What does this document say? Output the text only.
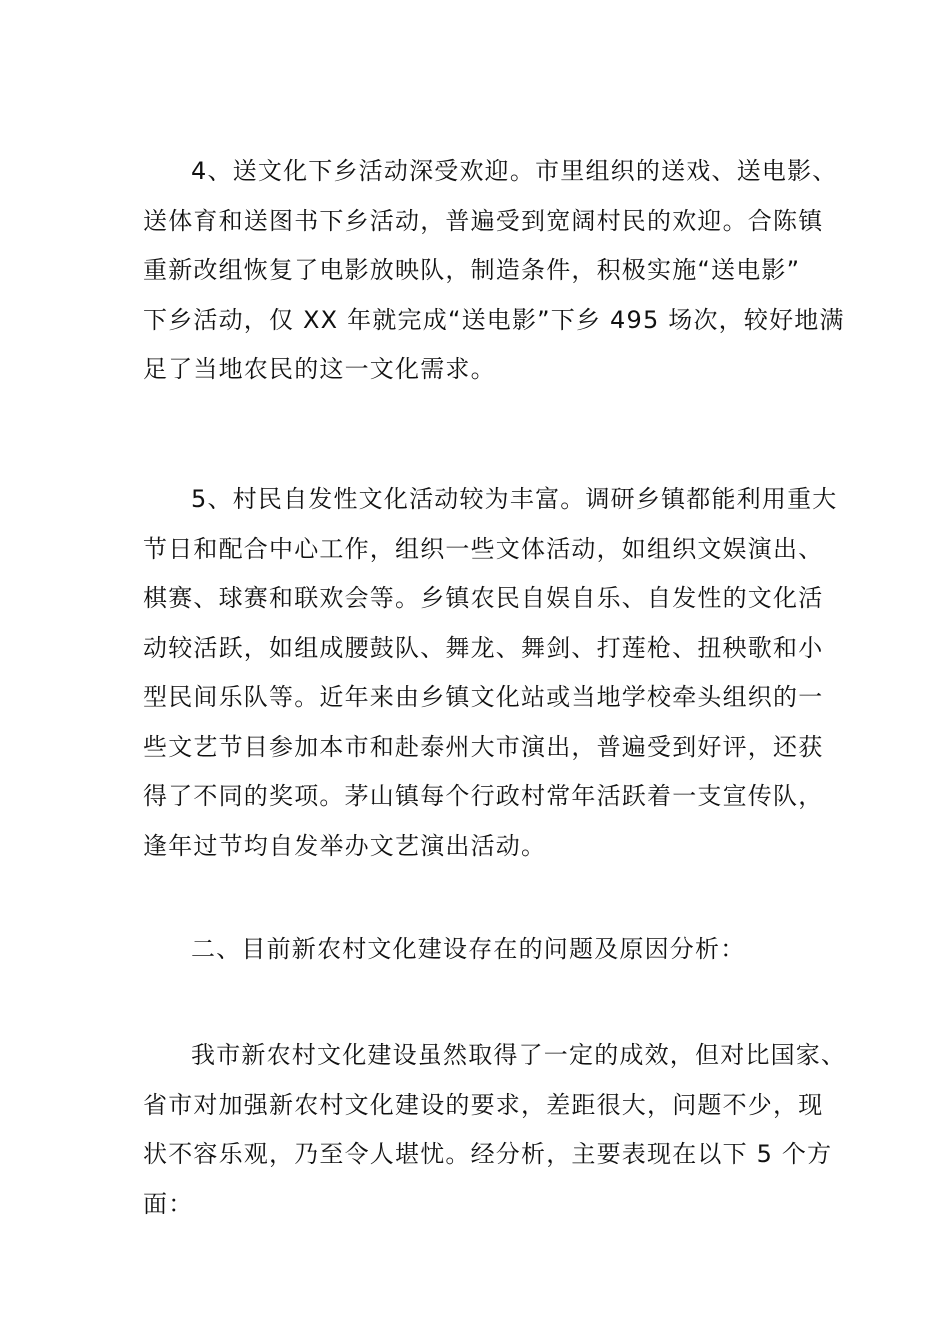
4、送文化下乡活动深受欢迎。市里组织的送戏、送电影、
送体育和送图书下乡活动，普遍受到宽阔村民的欢迎。合陈镇
重新改组恢复了电影放映队，制造条件，积极实施“送电影”
下乡活动，仅 XX 年就完成“送电影”下乡 495 场次，较好地满
足了当地农民的这一文化需求。
5、村民自发性文化活动较为丰富。调研乡镇都能利用重大
节日和配合中心工作，组织一些文体活动，如组织文娱演出、
棋赛、球赛和联欢会等。乡镇农民自娱自乐、自发性的文化活
动较活跃，如组成腰鼓队、舞龙、舞剑、打莲枪、扭秧歌和小
型民间乐队等。近年来由乡镇文化站或当地学校牵头组织的一
些文艺节目参加本市和赴泰州大市演出，普遍受到好评，还获
得了不同的奖项。茅山镇每个行政村常年活跃着一支宣传队，
逢年过节均自发举办文艺演出活动。
二、目前新农村文化建设存在的问题及原因分析：
我市新农村文化建设虽然取得了一定的成效，但对比国家、
省市对加强新农村文化建设的要求，差距很大，问题不少，现
状不容乐观，乃至令人堪忧。经分析，主要表现在以下 5 个方
面：
